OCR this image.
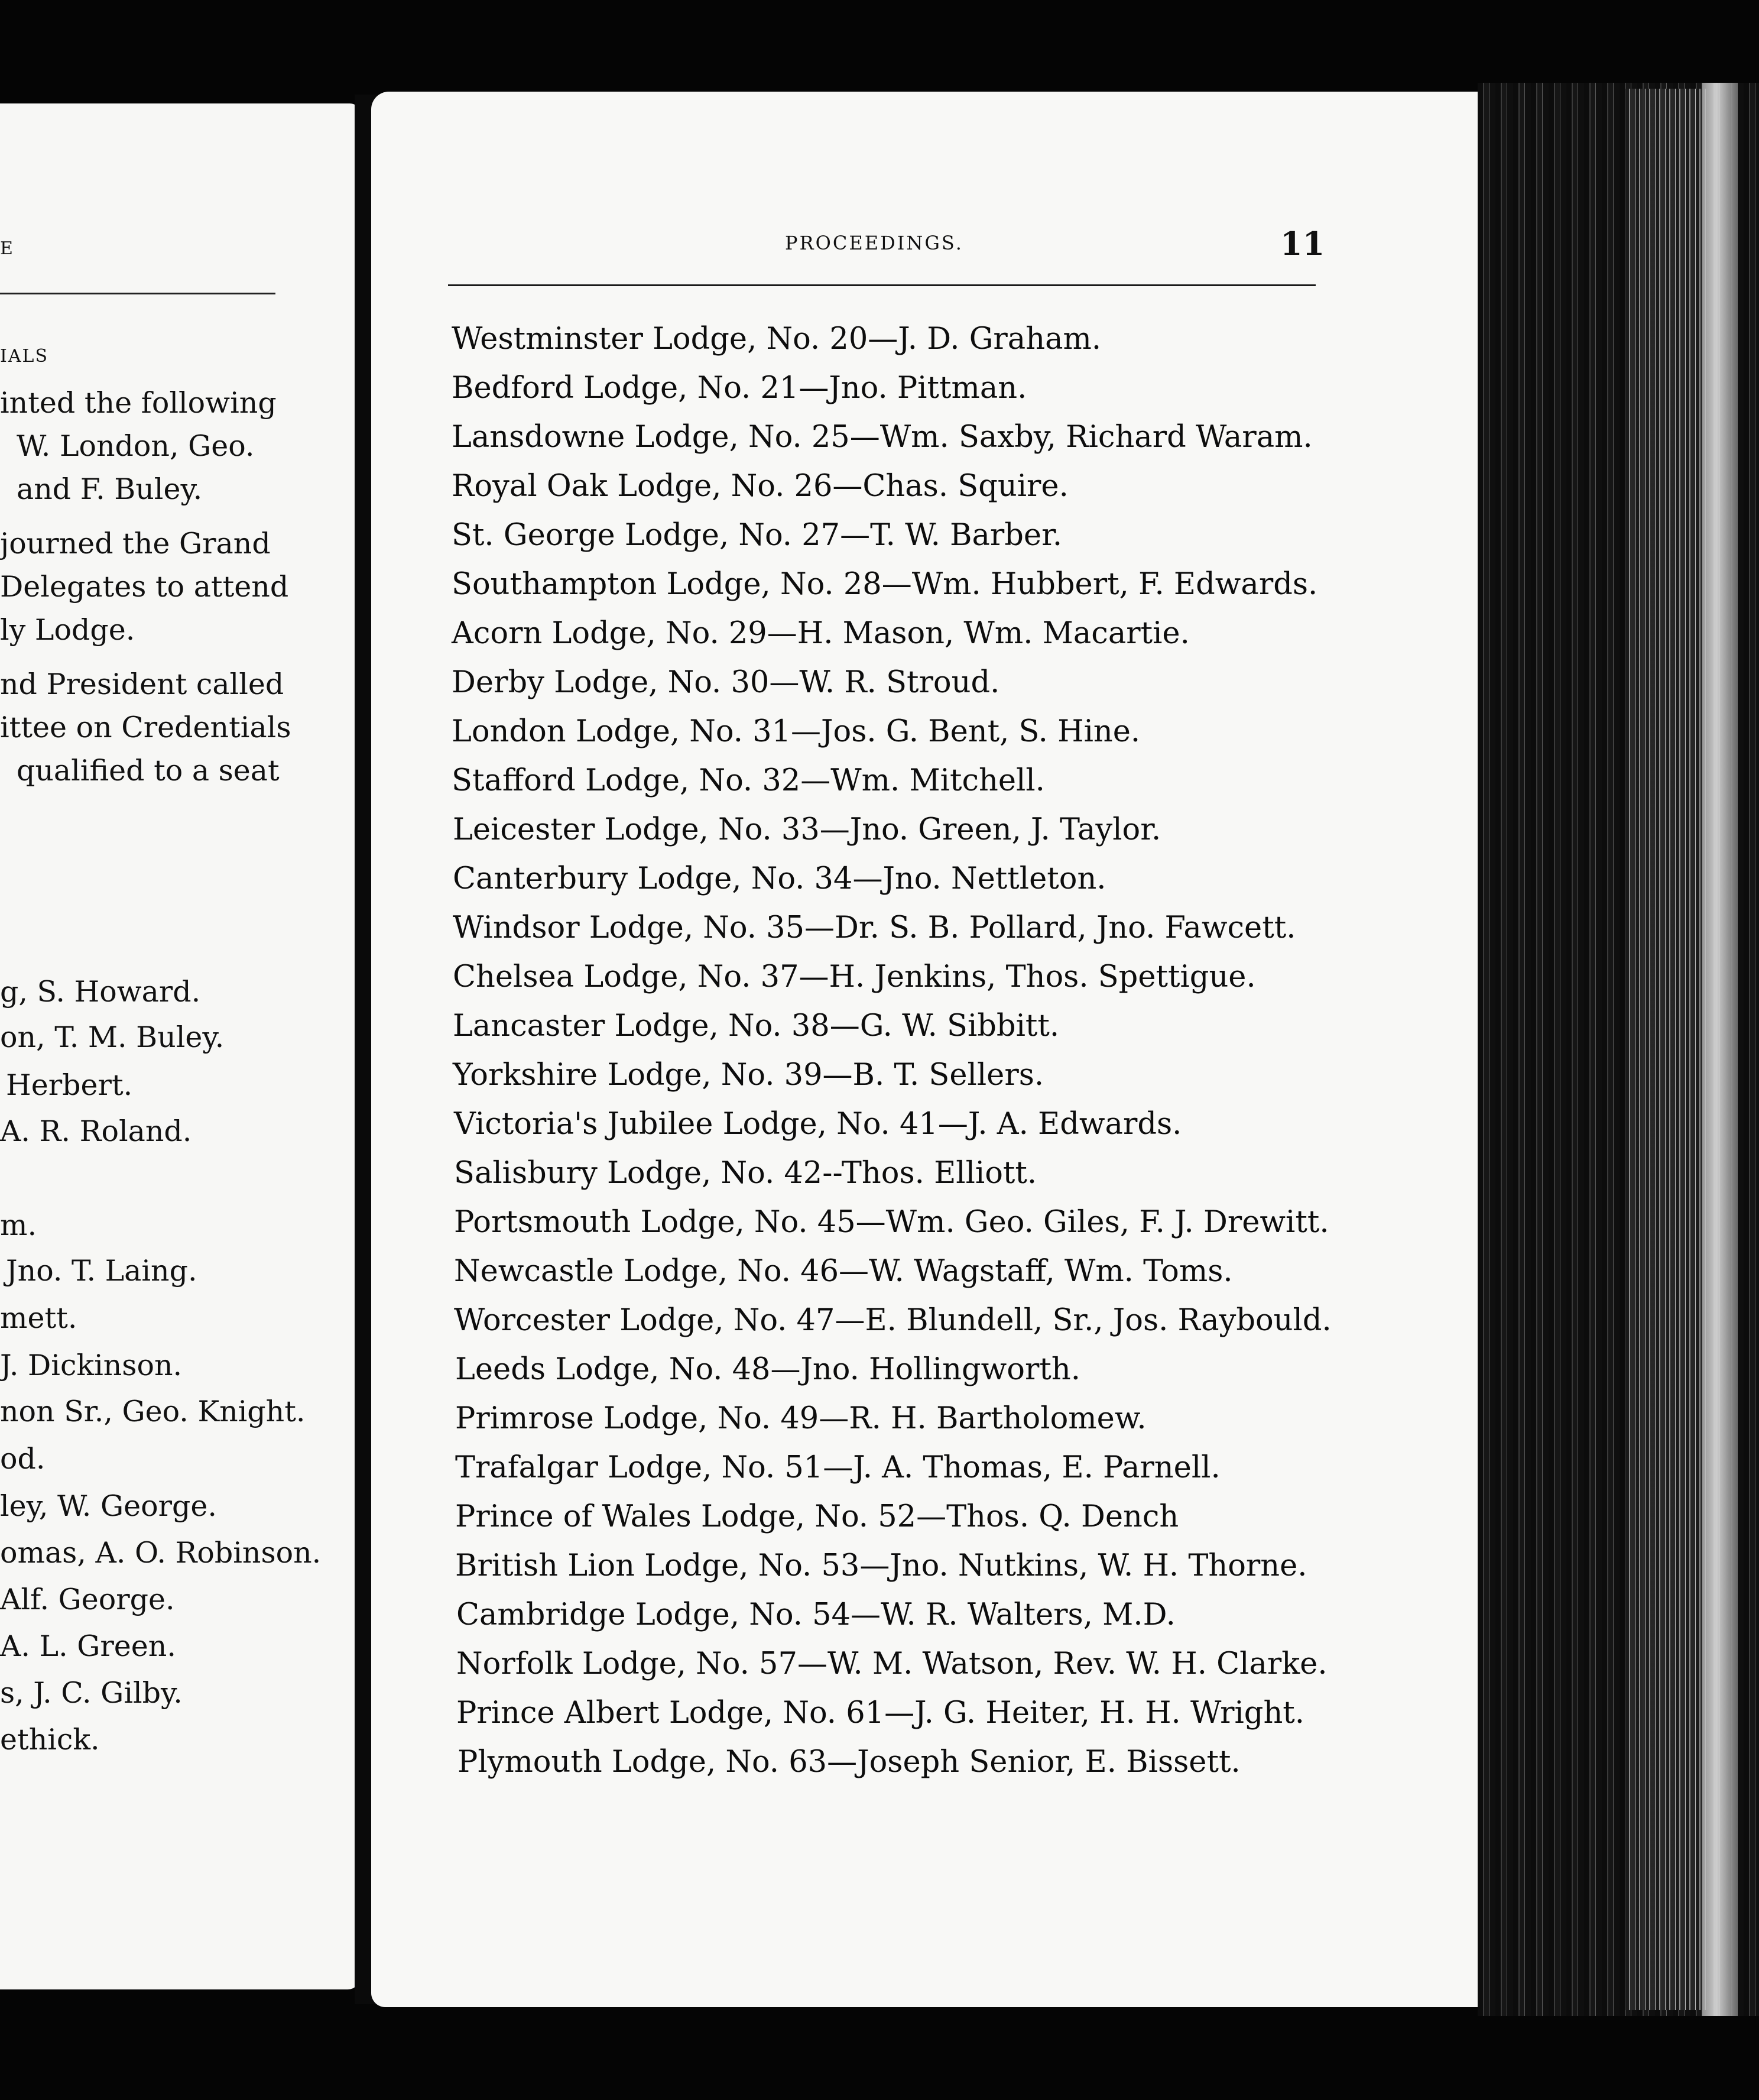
E
IALS
inted the following
W. London, Geo.
and F. Buley.
journed the Grand
Delegates to attend
ly Lodge.
nd President called
ittee on Credentials
qualified to a seat
g, S. Howard.
on, T. M. Buley.
Herbert.
A. R. Roland.
m.
Jno. T. Laing.
mett.
J. Dickinson.
non Sr., Geo. Knight.
od.
ley, W. George.
omas, A. O. Robinson.
Alf. George.
A. L. Green.
s, J. C. Gilby.
ethick.
PROCEEDINGS.	11
Westminster Lodge, No. 20—J. D. Graham.
Bedford Lodge, No. 21—Jno. Pittman.
Lansdowne Lodge, No. 25—Wm. Saxby, Richard Waram.
Royal Oak Lodge, No. 26—Chas. Squire.
St. George Lodge, No. 27—T. W. Barber.
Southampton Lodge, No. 28—Wm. Hubbert, F. Edwards.
Acorn Lodge, No. 29—H. Mason, Wm. Macartie.
Derby Lodge, No. 30—W. R. Stroud.
London Lodge, No. 31—Jos. G. Bent, S. Hine.
Stafford Lodge, No. 32—Wm. Mitchell.
Leicester Lodge, No. 33—Jno. Green, J. Taylor.
Canterbury Lodge, No. 34—Jno. Nettleton.
Windsor Lodge, No. 35—Dr. S. B. Pollard, Jno. Fawcett.
Chelsea Lodge, No. 37—H. Jenkins, Thos. Spettigue.
Lancaster Lodge, No. 38—G. W. Sibbitt.
Yorkshire Lodge, No. 39—B. T. Sellers.
Victoria's Jubilee Lodge, No. 41—J. A. Edwards.
Salisbury Lodge, No. 42--Thos. Elliott.
Portsmouth Lodge, No. 45—Wm. Geo. Giles, F. J. Drewitt.
Newcastle Lodge, No. 46—W. Wagstaff, Wm. Toms.
Worcester Lodge, No. 47—E. Blundell, Sr., Jos. Raybould.
Leeds Lodge, No. 48—Jno. Hollingworth.
Primrose Lodge, No. 49—R. H. Bartholomew.
Trafalgar Lodge, No. 51—J. A. Thomas, E. Parnell.
Prince of Wales Lodge, No. 52—Thos. Q. Dench
British Lion Lodge, No. 53—Jno. Nutkins, W. H. Thorne.
Cambridge Lodge, No. 54—W. R. Walters, M.D.
Norfolk Lodge, No. 57—W. M. Watson, Rev. W. H. Clarke.
Prince Albert Lodge, No. 61—J. G. Heiter, H. H. Wright.
Plymouth Lodge, No. 63—Joseph Senior, E. Bissett.
